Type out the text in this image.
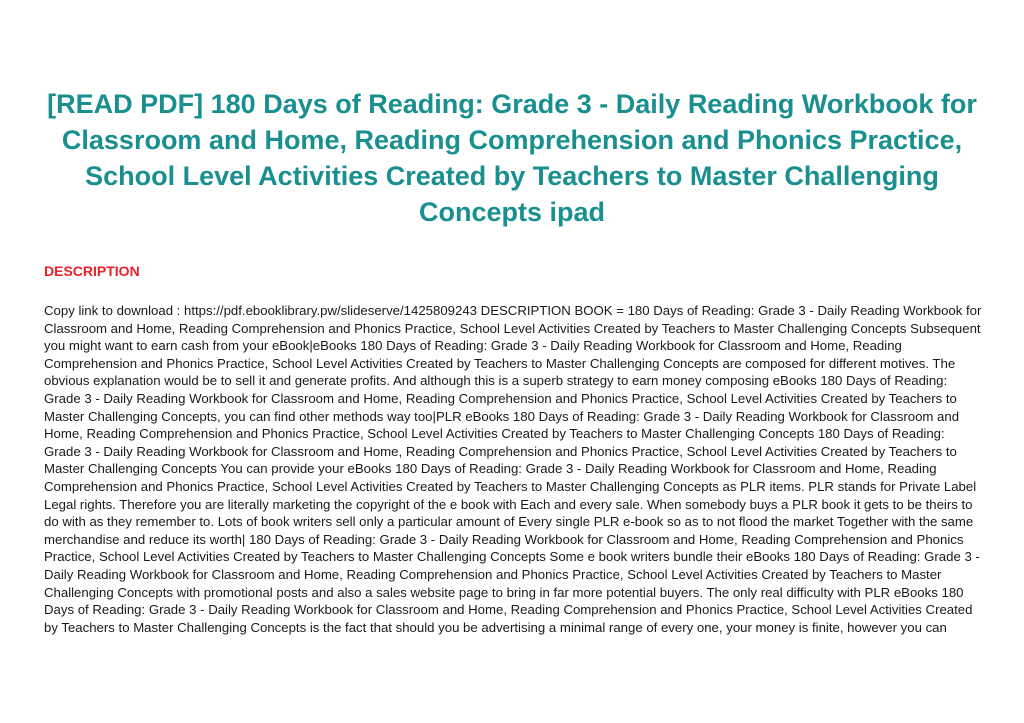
[READ PDF] 180 Days of Reading: Grade 3 - Daily Reading Workbook for Classroom and Home, Reading Comprehension and Phonics Practice, School Level Activities Created by Teachers to Master Challenging Concepts ipad
DESCRIPTION

Copy link to download : https://pdf.ebooklibrary.pw/slideserve/1425809243 DESCRIPTION BOOK = 180 Days of Reading: Grade 3 - Daily Reading Workbook for Classroom and Home, Reading Comprehension and Phonics Practice, School Level Activities Created by Teachers to Master Challenging Concepts Subsequent you might want to earn cash from your eBook|eBooks 180 Days of Reading: Grade 3 - Daily Reading Workbook for Classroom and Home, Reading Comprehension and Phonics Practice, School Level Activities Created by Teachers to Master Challenging Concepts are composed for different motives. The obvious explanation would be to sell it and generate profits. And although this is a superb strategy to earn money composing eBooks 180 Days of Reading: Grade 3 - Daily Reading Workbook for Classroom and Home, Reading Comprehension and Phonics Practice, School Level Activities Created by Teachers to Master Challenging Concepts, you can find other methods way too|PLR eBooks 180 Days of Reading: Grade 3 - Daily Reading Workbook for Classroom and Home, Reading Comprehension and Phonics Practice, School Level Activities Created by Teachers to Master Challenging Concepts 180 Days of Reading: Grade 3 - Daily Reading Workbook for Classroom and Home, Reading Comprehension and Phonics Practice, School Level Activities Created by Teachers to Master Challenging Concepts You can provide your eBooks 180 Days of Reading: Grade 3 - Daily Reading Workbook for Classroom and Home, Reading Comprehension and Phonics Practice, School Level Activities Created by Teachers to Master Challenging Concepts as PLR items. PLR stands for Private Label Legal rights. Therefore you are literally marketing the copyright of the e book with Each and every sale. When somebody buys a PLR book it gets to be theirs to do with as they remember to. Lots of book writers sell only a particular amount of Every single PLR e-book so as to not flood the market Together with the same merchandise and reduce its worth| 180 Days of Reading: Grade 3 - Daily Reading Workbook for Classroom and Home, Reading Comprehension and Phonics Practice, School Level Activities Created by Teachers to Master Challenging Concepts Some e book writers bundle their eBooks 180 Days of Reading: Grade 3 - Daily Reading Workbook for Classroom and Home, Reading Comprehension and Phonics Practice, School Level Activities Created by Teachers to Master Challenging Concepts with promotional posts and also a sales website page to bring in far more potential buyers. The only real difficulty with PLR eBooks 180 Days of Reading: Grade 3 - Daily Reading Workbook for Classroom and Home, Reading Comprehension and Phonics Practice, School Level Activities Created by Teachers to Master Challenging Concepts is the fact that should you be advertising a minimal range of every one, your money is finite, however you can
